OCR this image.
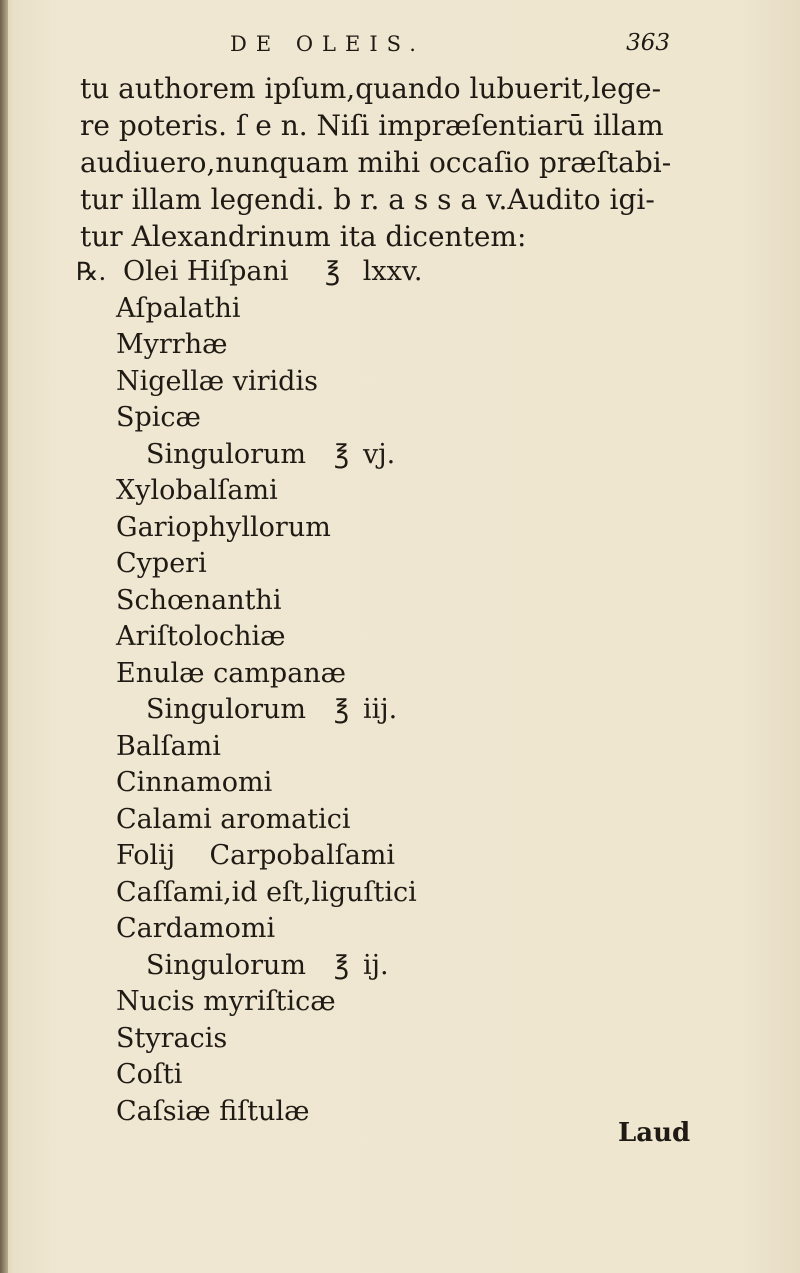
DE OLEIS.	363
tu authorem ipſum,quando lubuerit,lege-
re poteris. ſ e n. Niſi impræſentiarū illam
audiuero,nunquam mihi occaſio præſtabi-
tur illam legendi. b r. a s s a v.Audito igi-
tur Alexandrinum ita dicentem:
℞. Olei Hiſpani ℥ lxxv.
Aſpalathi
Myrrhæ
Nigellæ viridis
Spicæ
Singulorum ℥ vj.
Xylobalſami
Gariophyllorum
Cyperi
Schœnanthi
Ariſtolochiæ
Enulæ campanæ
Singulorum ℥ iij.
Balſami
Cinnamomi
Calami aromatici
Folij    Carpobalſami
Caſſami,id eſt,liguſtici
Cardamomi
Singulorum ℥ ij.
Nucis myriſticæ
Styracis
Coſti
Caſsiæ fiſtulæ
Laud
